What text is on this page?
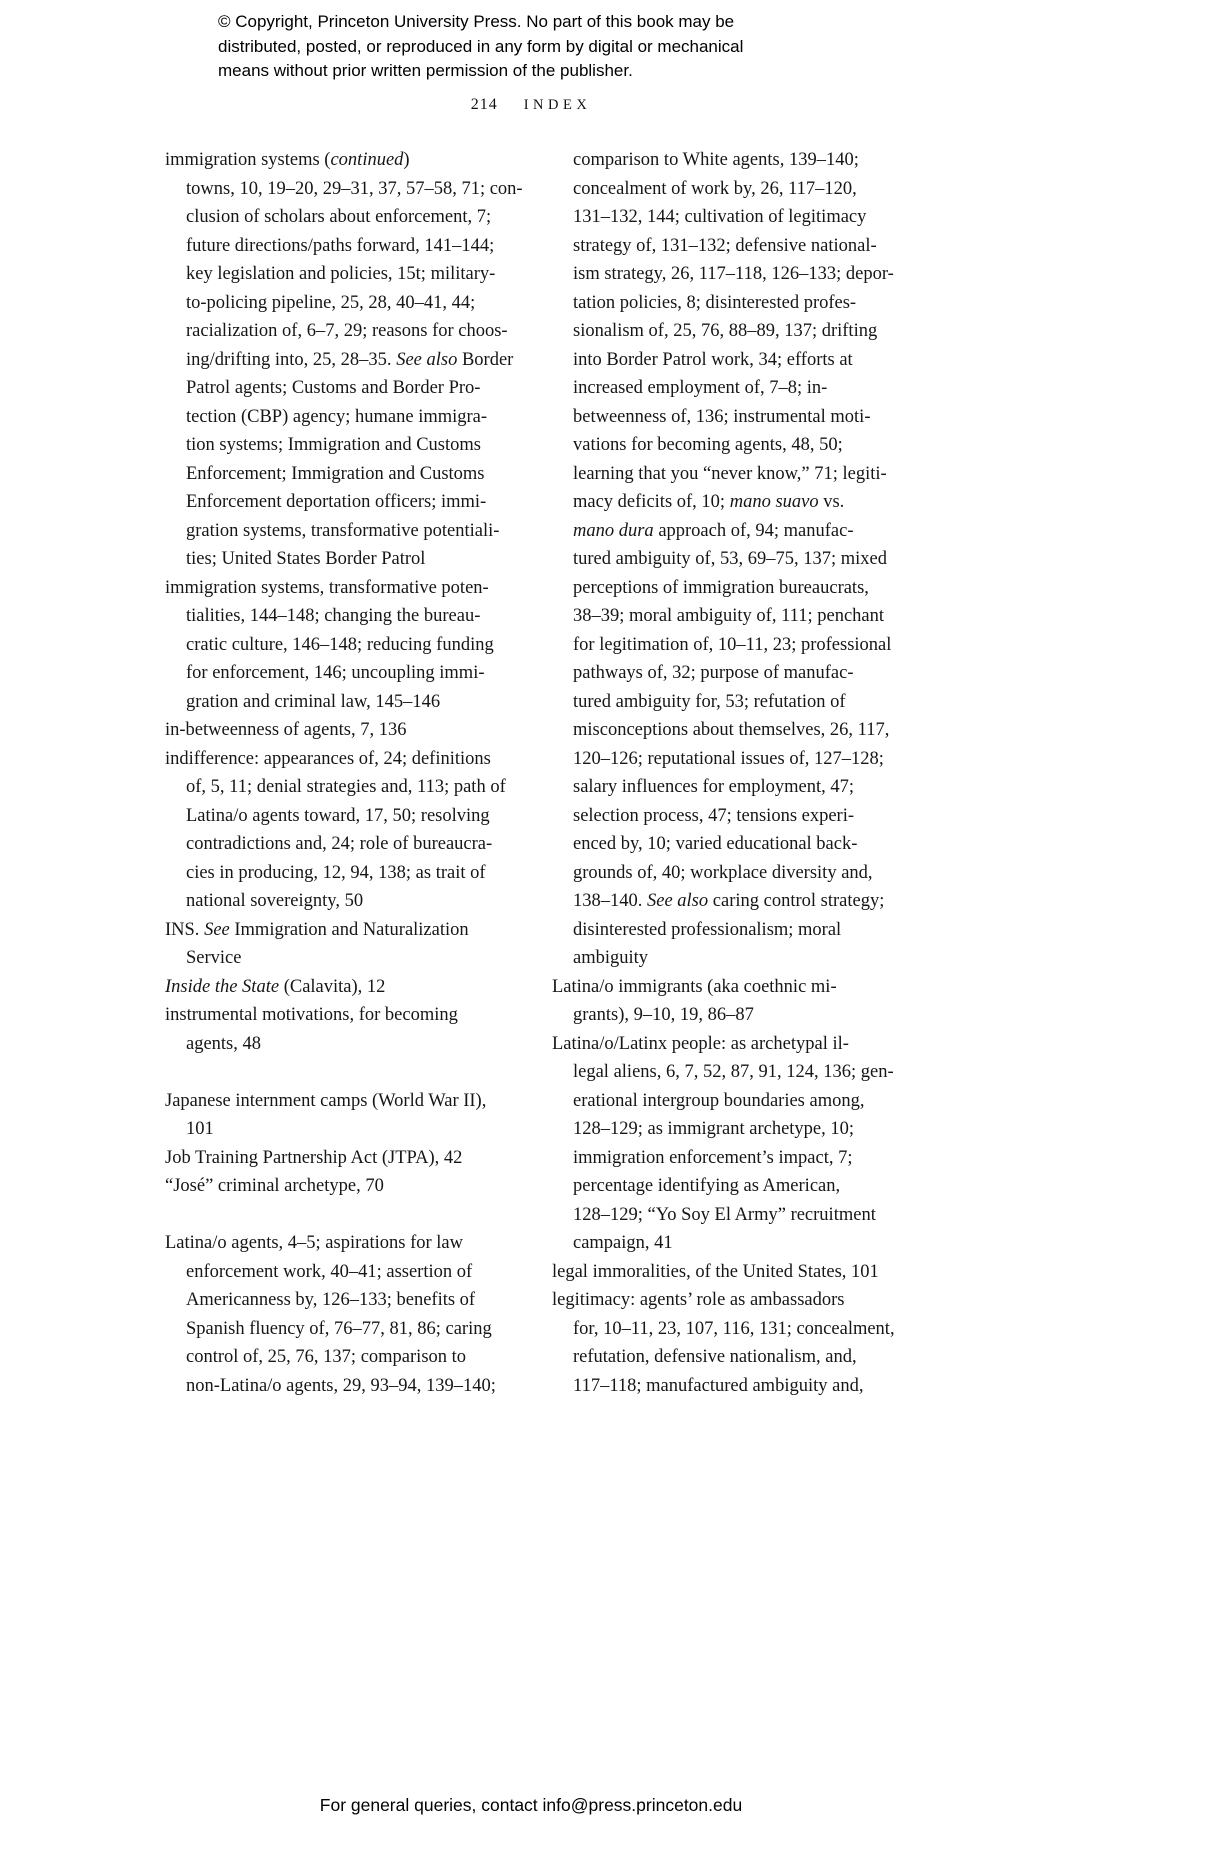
© Copyright, Princeton University Press. No part of this book may be
distributed, posted, or reproduced in any form by digital or mechanical
means without prior written permission of the publisher.
214 INDEX
immigration systems (continued)
towns, 10, 19–20, 29–31, 37, 57–58, 71; con-
clusion of scholars about enforcement, 7;
future directions/paths forward, 141–144;
key legislation and policies, 15t; military-
to-policing pipeline, 25, 28, 40–41, 44;
racialization of, 6–7, 29; reasons for choos-
ing/drifting into, 25, 28–35. See also Border
Patrol agents; Customs and Border Pro-
tection (CBP) agency; humane immigra-
tion systems; Immigration and Customs
Enforcement; Immigration and Customs
Enforcement deportation officers; immi-
gration systems, transformative potentiali-
ties; United States Border Patrol
immigration systems, transformative poten-
tialities, 144–148; changing the bureau-
cratic culture, 146–148; reducing funding
for enforcement, 146; uncoupling immi-
gration and criminal law, 145–146
in-betweenness of agents, 7, 136
indifference: appearances of, 24; definitions
of, 5, 11; denial strategies and, 113; path of
Latina/o agents toward, 17, 50; resolving
contradictions and, 24; role of bureaucra-
cies in producing, 12, 94, 138; as trait of
national sovereignty, 50
INS. See Immigration and Naturalization
Service
Inside the State (Calavita), 12
instrumental motivations, for becoming
agents, 48
Japanese internment camps (World War II),
101
Job Training Partnership Act (JTPA), 42
“José” criminal archetype, 70
Latina/o agents, 4–5; aspirations for law
enforcement work, 40–41; assertion of
Americanness by, 126–133; benefits of
Spanish fluency of, 76–77, 81, 86; caring
control of, 25, 76, 137; comparison to
non-Latina/o agents, 29, 93–94, 139–140;
comparison to White agents, 139–140;
concealment of work by, 26, 117–120,
131–132, 144; cultivation of legitimacy
strategy of, 131–132; defensive national-
ism strategy, 26, 117–118, 126–133; depor-
tation policies, 8; disinterested profes-
sionalism of, 25, 76, 88–89, 137; drifting
into Border Patrol work, 34; efforts at
increased employment of, 7–8; in-
betweenness of, 136; instrumental moti-
vations for becoming agents, 48, 50;
learning that you “never know,” 71; legiti-
macy deficits of, 10; mano suavo vs.
mano dura approach of, 94; manufac-
tured ambiguity of, 53, 69–75, 137; mixed
perceptions of immigration bureaucrats,
38–39; moral ambiguity of, 111; penchant
for legitimation of, 10–11, 23; professional
pathways of, 32; purpose of manufac-
tured ambiguity for, 53; refutation of
misconceptions about themselves, 26, 117,
120–126; reputational issues of, 127–128;
salary influences for employment, 47;
selection process, 47; tensions experi-
enced by, 10; varied educational back-
grounds of, 40; workplace diversity and,
138–140. See also caring control strategy;
disinterested professionalism; moral
ambiguity
Latina/o immigrants (aka coethnic mi-
grants), 9–10, 19, 86–87
Latina/o/Latinx people: as archetypal il-
legal aliens, 6, 7, 52, 87, 91, 124, 136; gen-
erational intergroup boundaries among,
128–129; as immigrant archetype, 10;
immigration enforcement’s impact, 7;
percentage identifying as American,
128–129; “Yo Soy El Army” recruitment
campaign, 41
legal immoralities, of the United States, 101
legitimacy: agents’ role as ambassadors
for, 10–11, 23, 107, 116, 131; concealment,
refutation, defensive nationalism, and,
117–118; manufactured ambiguity and,
For general queries, contact info@press.princeton.edu
